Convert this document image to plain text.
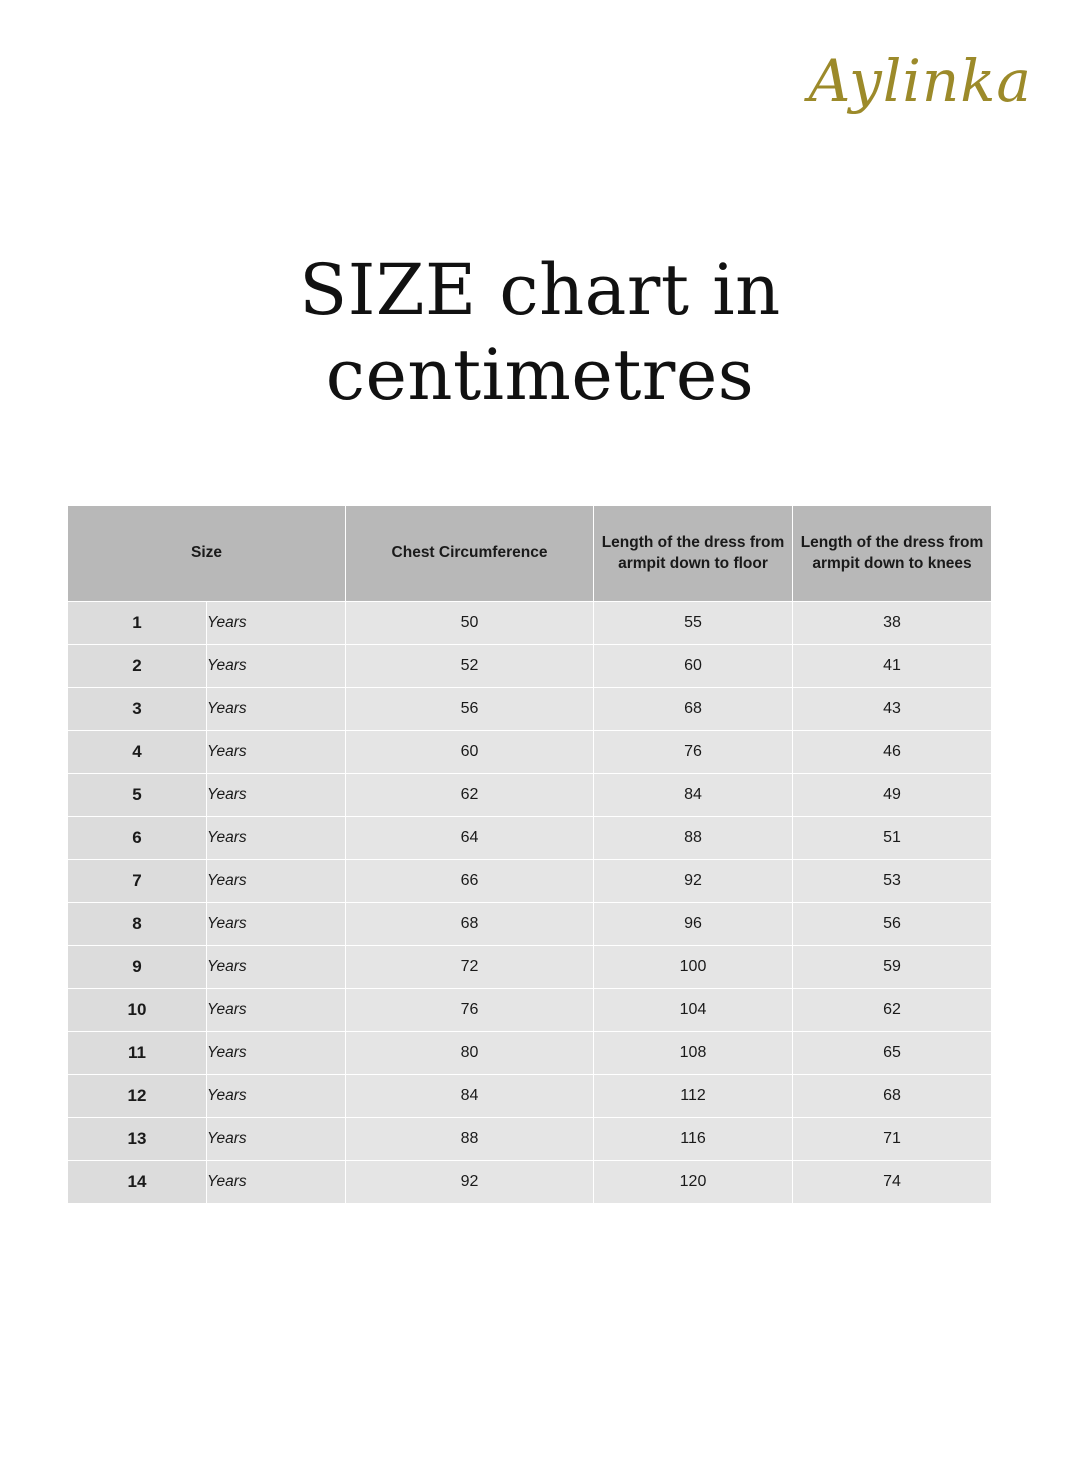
Aylinka
SIZE chart in centimetres
Size		Chest Circumference	Length of the dress from armpit down to floor	Length of the dress from armpit down to knees
1	Years	50	55	38
2	Years	52	60	41
3	Years	56	68	43
4	Years	60	76	46
5	Years	62	84	49
6	Years	64	88	51
7	Years	66	92	53
8	Years	68	96	56
9	Years	72	100	59
10	Years	76	104	62
11	Years	80	108	65
12	Years	84	112	68
13	Years	88	116	71
14	Years	92	120	74
